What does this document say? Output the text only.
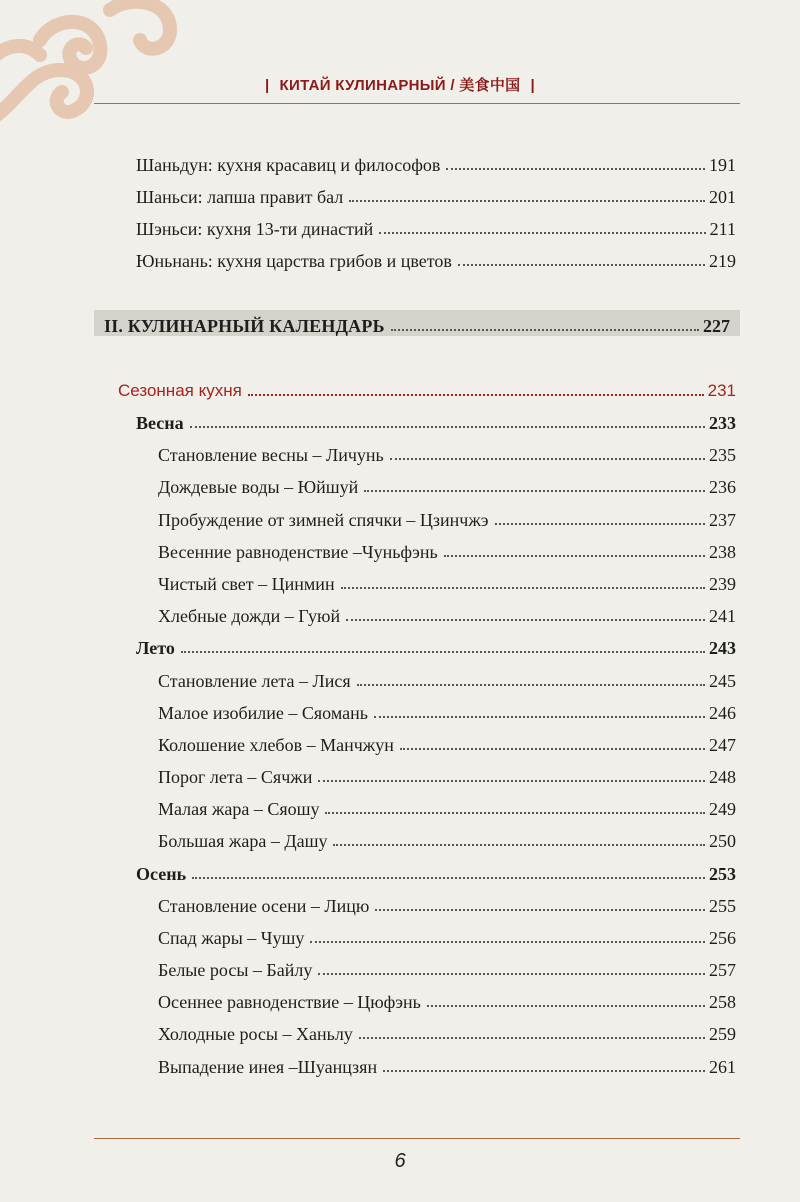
| КИТАЙ КУЛИНАРНЫЙ / 美食中国 |
Шаньдун: кухня красавиц и философов	191
Шаньси: лапша правит бал	201
Шэньси: кухня 13-ти династий	211
Юньнань: кухня царства грибов и цветов	219
II. КУЛИНАРНЫЙ КАЛЕНДАРЬ	227
Сезонная кухня	231
Весна	233
Становление весны – Личунь	235
Дождевые воды – Юйшуй	236
Пробуждение от зимней спячки – Цзинчжэ	237
Весенние равноденствие –Чуньфэнь	238
Чистый свет – Цинмин	239
Хлебные дожди – Гуюй	241
Лето	243
Становление лета – Лися	245
Малое изобилие – Сяомань	246
Колошение хлебов – Манчжун	247
Порог лета – Сячжи	248
Малая жара – Сяошу	249
Большая жара – Дашу	250
Осень	253
Становление осени – Лицю	255
Спад жары – Чушу	256
Белые росы – Байлу	257
Осеннее равноденствие – Цюфэнь	258
Холодные росы – Ханьлу	259
Выпадение инея –Шуанцзян	261
6
